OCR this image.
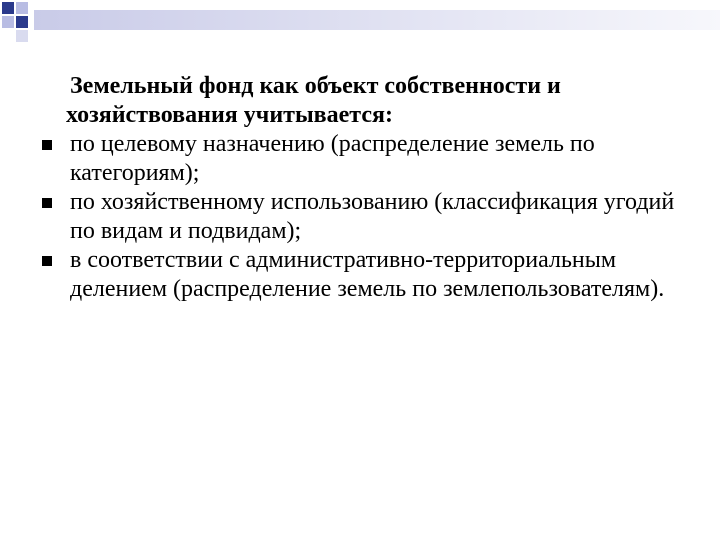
Земельный фонд как объект собственности и хозяйствования учитывается:

по целевому назначению (распределение земель по категориям);
по хозяйственному использованию (классификация угодий по видам и подвидам);
в соответствии с административно-территориальным делением (распределение земель по землепользователям).
